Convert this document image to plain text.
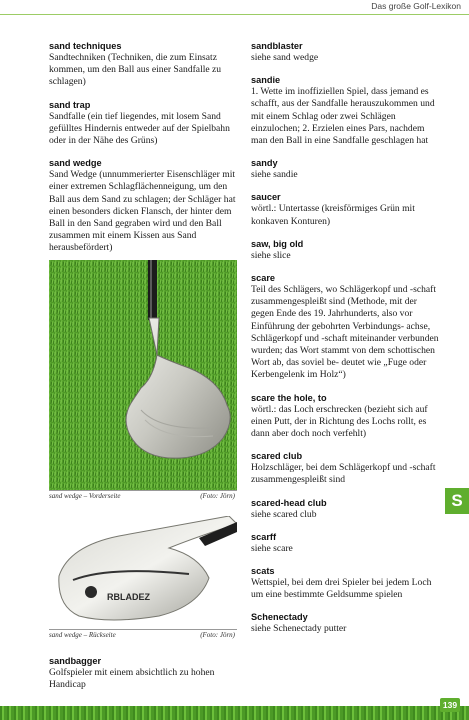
Das große Golf-Lexikon
sand techniques
Sandtechniken (Techniken, die zum Einsatz kommen, um den Ball aus einer Sandfalle zu schlagen)
sand trap
Sandfalle (ein tief liegendes, mit losem Sand gefülltes Hindernis entweder auf der Spielbahn oder in der Nähe des Grüns)
sand wedge
Sand Wedge (unnummerierter Eisenschläger mit einer extremen Schlagflächenneigung, um den Ball aus dem Sand zu schlagen; der Schläger hat einen besonders dicken Flansch, der hinter dem Ball in den Sand gegraben wird und den Ball zusammen mit einem Kissen aus Sand herausbefördert)
sand wedge – Vorderseite	(Foto: Jörn)
RBLADEZ
sand wedge – Rückseite	(Foto: Jörn)
sandbagger
Golfspieler mit einem absichtlich zu hohen Handicap
sandblaster
siehe sand wedge
sandie
1. Wette im inoffiziellen Spiel, dass jemand es schafft, aus der Sandfalle herauszukommen und mit einem Schlag oder zwei Schlägen einzulochen; 2. Erzielen eines Pars, nachdem man den Ball in eine Sandfalle geschlagen hat
sandy
siehe sandie
saucer
wörtl.: Untertasse (kreisförmiges Grün mit konkaven Konturen)
saw, big old
siehe slice
scare
Teil des Schlägers, wo Schlägerkopf und -schaft zusammengespleißt sind (Methode, mit der gegen Ende des 19. Jahrhunderts, also vor Einführung der gebohrten Verbindungs- achse, Schlägerkopf und -schaft miteinander verbunden wurden; das Wort stammt von dem schottischen Wort ab, das soviel be- deutet wie „Fuge oder Kerbengelenk im Holz“)
scare the hole, to
wörtl.: das Loch erschrecken (bezieht sich auf einen Putt, der in Richtung des Lochs rollt, es dann aber doch noch verfehlt)
scared club
Holzschläger, bei dem Schlägerkopf und -schaft zusammengespleißt sind
scared-head club
siehe scared club
scarff
siehe scare
scats
Wettspiel, bei dem drei Spieler bei jedem Loch um eine bestimmte Geldsumme spielen
Schenectady
siehe Schenectady putter
S
139
